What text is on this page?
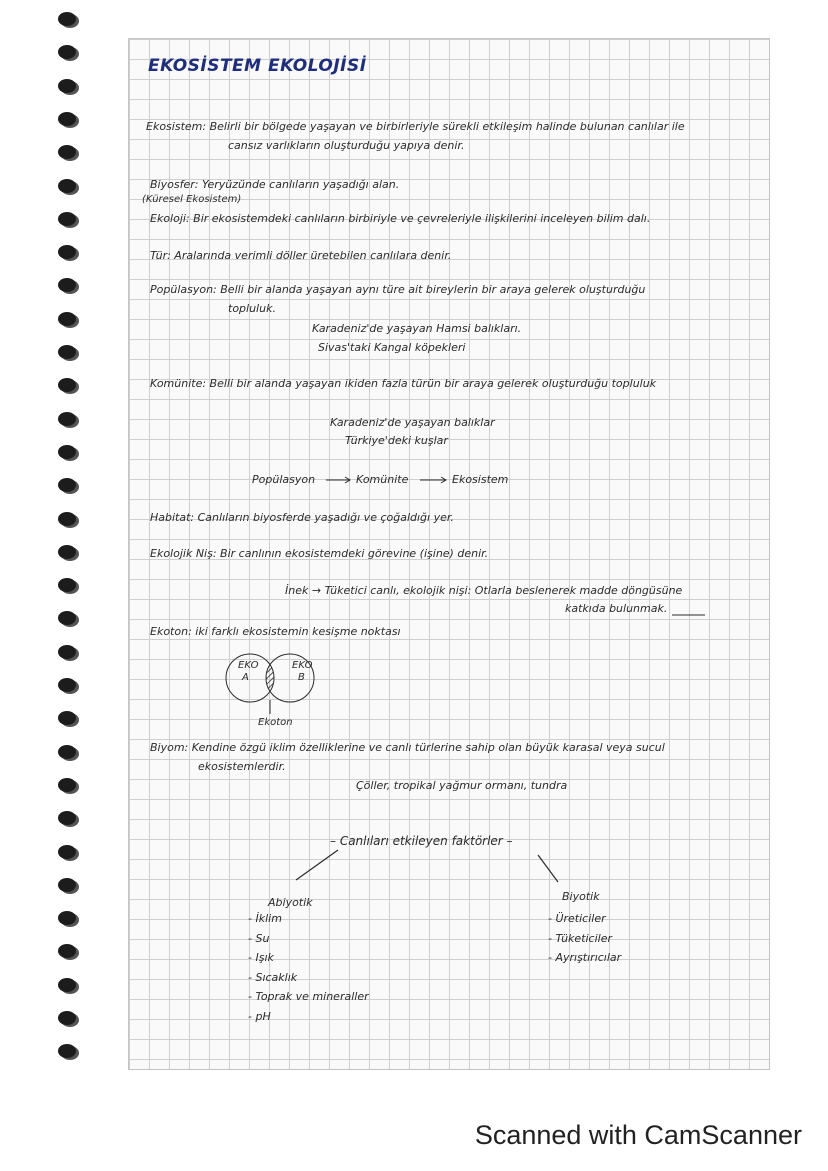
EKOSİSTEM EKOLOJİSİ
Ekosistem: Belirli bir bölgede yaşayan ve birbirleriyle sürekli etkileşim halinde bulunan canlılar ile
cansız varlıkların oluşturduğu yapıya denir.
Biyosfer: Yeryüzünde canlıların yaşadığı alan.
(Küresel Ekosistem)
Ekoloji: Bir ekosistemdeki canlıların birbiriyle ve çevreleriyle ilişkilerini inceleyen bilim dalı.
Tür: Aralarında verimli döller üretebilen canlılara denir.
Popülasyon: Belli bir alanda yaşayan aynı türe ait bireylerin bir araya gelerek oluşturduğu
topluluk.
Karadeniz'de yaşayan Hamsi balıkları.
Sivas'taki Kangal köpekleri
Komünite: Belli bir alanda yaşayan ikiden fazla türün bir araya gelerek oluşturduğu topluluk
Karadeniz'de yaşayan balıklar
Türkiye'deki kuşlar
Popülasyon	Komünite	Ekosistem
Habitat: Canlıların biyosferde yaşadığı ve çoğaldığı yer.
Ekolojik Niş: Bir canlının ekosistemdeki görevine (işine) denir.
İnek → Tüketici canlı, ekolojik nişi: Otlarla beslenerek madde döngüsüne
katkıda bulunmak.
Ekoton: iki farklı ekosistemin kesişme noktası
EKO
A
EKO
B
Ekoton
Biyom: Kendine özgü iklim özelliklerine ve canlı türlerine sahip olan büyük karasal veya sucul
ekosistemlerdir.
Çöller, tropikal yağmur ormanı, tundra
– Canlıları etkileyen faktörler –
Abiyotik
- İklim
- Su
- Işık
- Sıcaklık
- Toprak ve mineraller
- pH
Biyotik
- Üreticiler
- Tüketiciler
- Ayrıştırıcılar
Scanned with CamScanner
